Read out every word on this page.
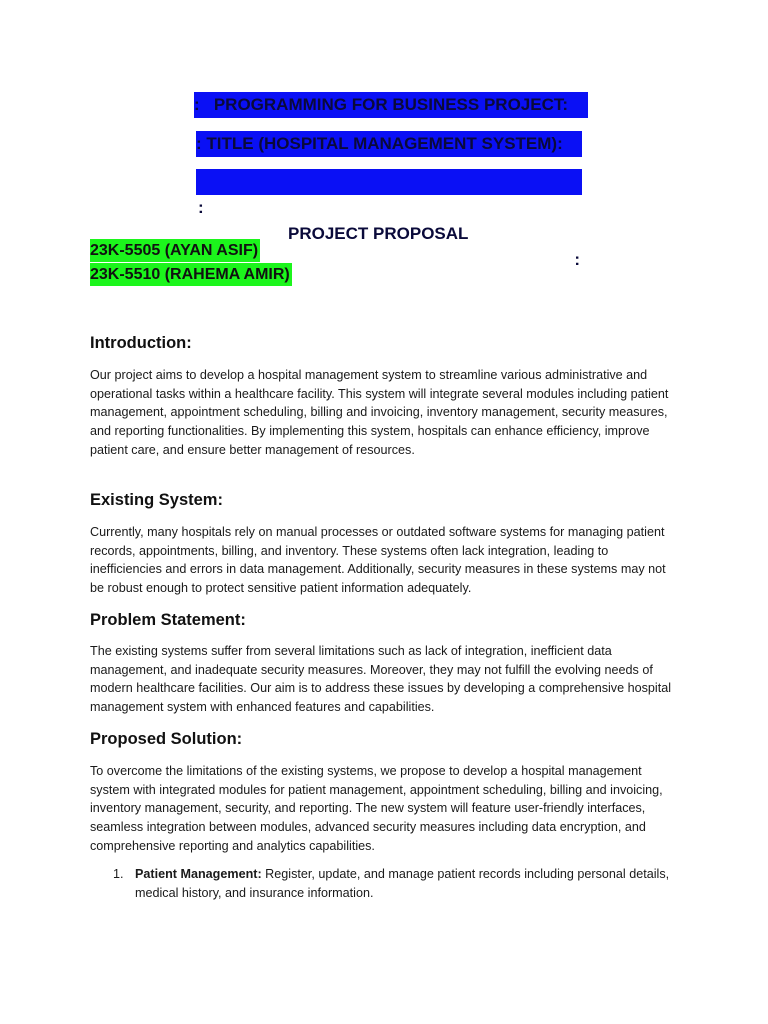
:   PROGRAMMING FOR BUSINESS PROJECT:
: TITLE (HOSPITAL MANAGEMENT SYSTEM):

:

PROJECT PROPOSAL

:

23K-5505 (AYAN ASIF)
23K-5510 (RAHEMA AMIR)
Introduction:
Our project aims to develop a hospital management system to streamline various administrative and operational tasks within a healthcare facility. This system will integrate several modules including patient management, appointment scheduling, billing and invoicing, inventory management, security measures, and reporting functionalities. By implementing this system, hospitals can enhance efficiency, improve patient care, and ensure better management of resources.
Existing System:
Currently, many hospitals rely on manual processes or outdated software systems for managing patient records, appointments, billing, and inventory. These systems often lack integration, leading to inefficiencies and errors in data management. Additionally, security measures in these systems may not be robust enough to protect sensitive patient information adequately.
Problem Statement:
The existing systems suffer from several limitations such as lack of integration, inefficient data management, and inadequate security measures. Moreover, they may not fulfill the evolving needs of modern healthcare facilities. Our aim is to address these issues by developing a comprehensive hospital management system with enhanced features and capabilities.
Proposed Solution:
To overcome the limitations of the existing systems, we propose to develop a hospital management system with integrated modules for patient management, appointment scheduling, billing and invoicing, inventory management, security, and reporting. The new system will feature user-friendly interfaces, seamless integration between modules, advanced security measures including data encryption, and comprehensive reporting and analytics capabilities.
1. Patient Management: Register, update, and manage patient records including personal details, medical history, and insurance information.
